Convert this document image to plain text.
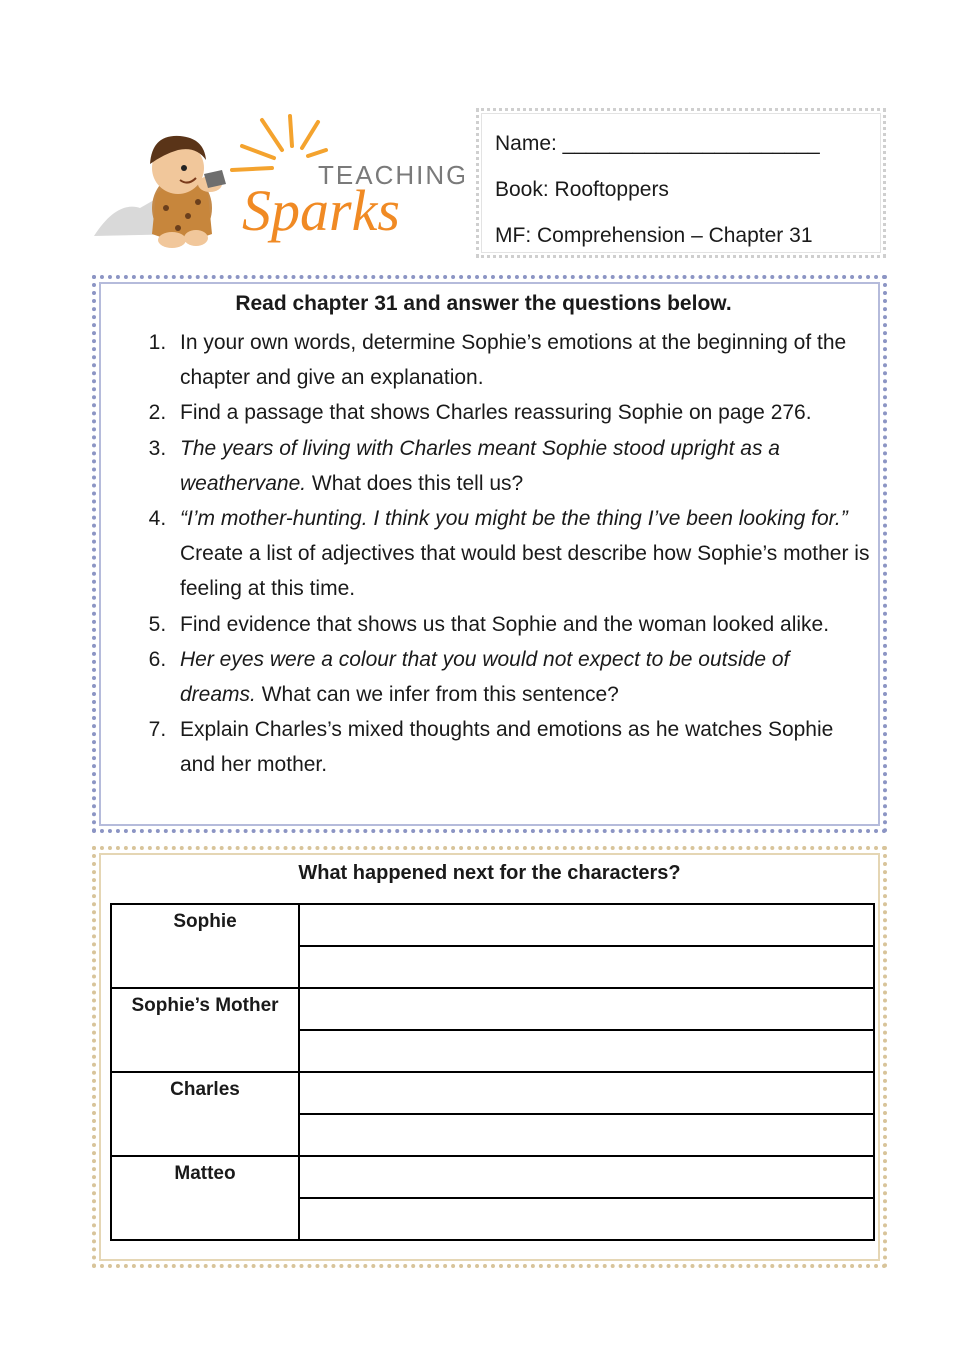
TEACHING
Sparks
Name: ______________________
Book: Rooftoppers
MF: Comprehension – Chapter 31
Read chapter 31 and answer the questions below.
1. In your own words, determine Sophie’s emotions at the beginning of the chapter and give an explanation.
2. Find a passage that shows Charles reassuring Sophie on page 276.
3. The years of living with Charles meant Sophie stood upright as a weathervane. What does this tell us?
4. “I’m mother-hunting. I think you might be the thing I’ve been looking for.” Create a list of adjectives that would best describe how Sophie’s mother is feeling at this time.
5. Find evidence that shows us that Sophie and the woman looked alike.
6. Her eyes were a colour that you would not expect to be outside of dreams. What can we infer from this sentence?
7. Explain Charles’s mixed thoughts and emotions as he watches Sophie and her mother.
What happened next for the characters?
Sophie	

Sophie’s Mother	

Charles	

Matteo	
